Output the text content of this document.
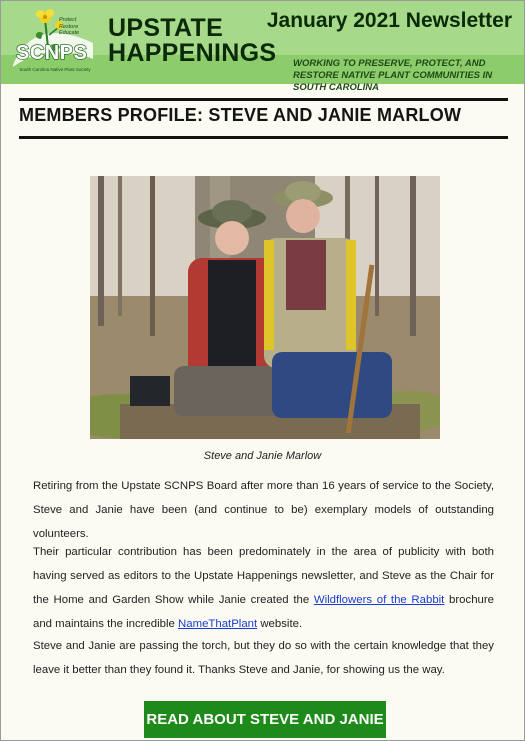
Protect
Restore
Educate
SCNPS
South Carolina Native Plant Society
UPSTATE
HAPPENINGS
January 2021 Newsletter
WORKING TO PRESERVE, PROTECT, AND RESTORE NATIVE PLANT COMMUNITIES IN SOUTH CAROLINA
MEMBERS PROFILE: STEVE AND JANIE MARLOW
Steve and Janie Marlow
Retiring from the Upstate SCNPS Board after more than 16 years of service to the Society, Steve and Janie have been (and continue to be) exemplary models of outstanding volunteers.
Their particular contribution has been predominately in the area of publicity with both having served as editors to the Upstate Happenings newsletter, and Steve as the Chair for the Home and Garden Show while Janie created the Wildflowers of the Rabbit brochure and maintains the incredible NameThatPlant website.
Steve and Janie are passing the torch, but they do so with the certain knowledge that they leave it better than they found it. Thanks Steve and Janie, for showing us the way.
READ ABOUT STEVE AND JANIE
